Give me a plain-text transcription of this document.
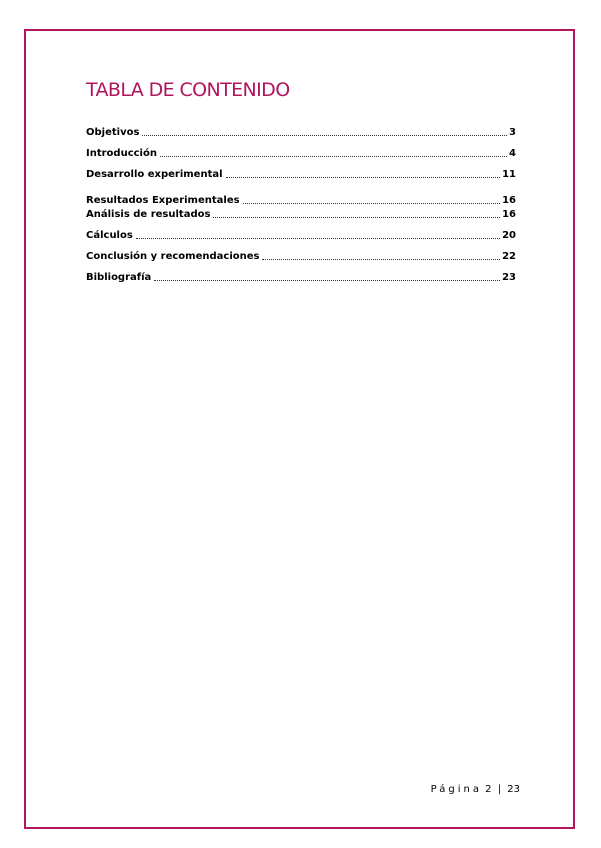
TABLA DE CONTENIDO
Objetivos	3
Introducción	4
Desarrollo experimental	11
Resultados Experimentales	16
Análisis de resultados	16
Cálculos	20
Conclusión y recomendaciones	22
Bibliografía	23
Página 2 | 23
